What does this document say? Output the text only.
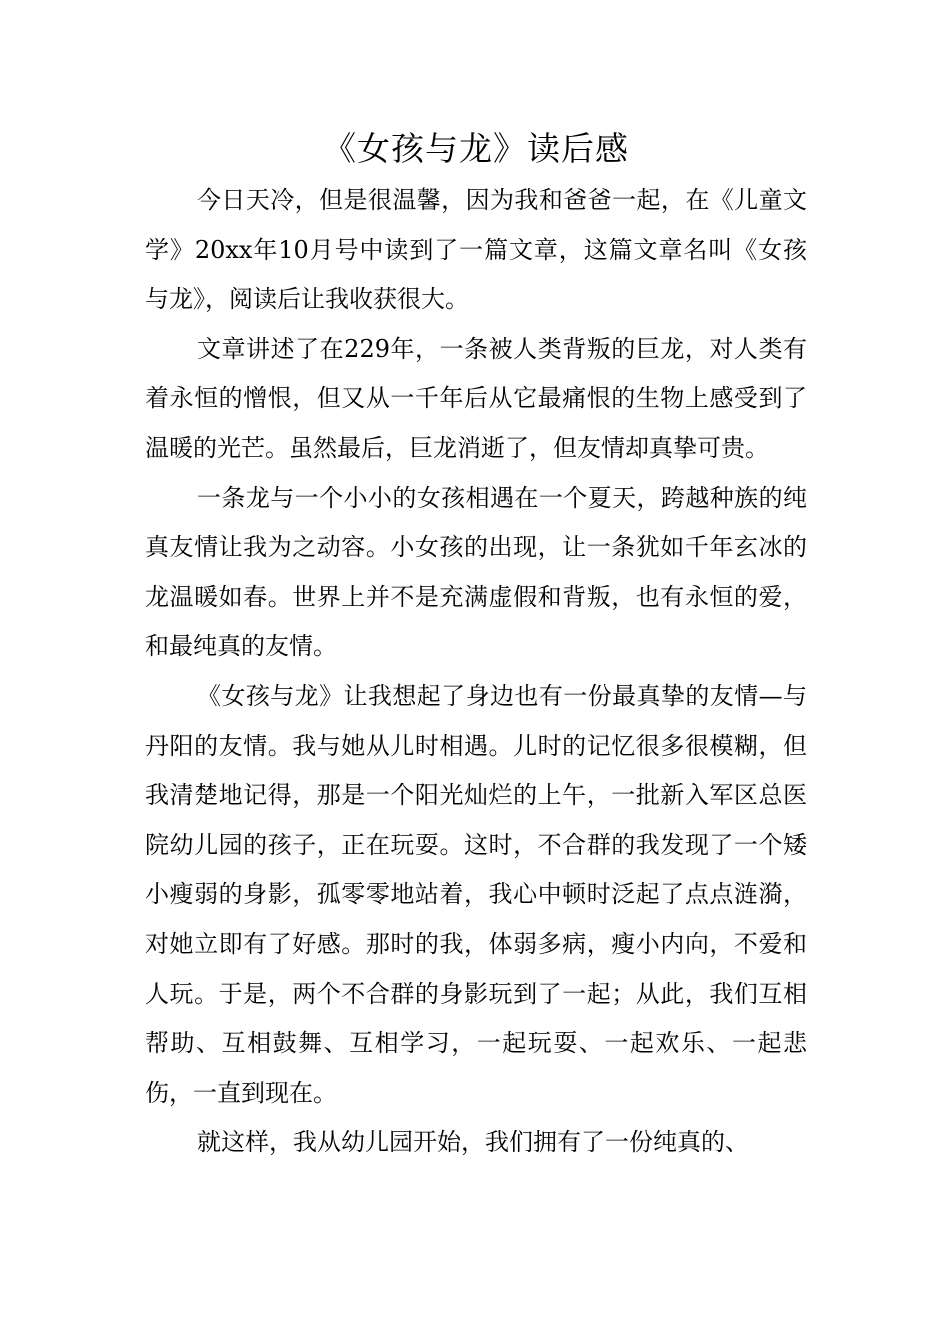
《女孩与龙》读后感

今日天冷，但是很温馨，因为我和爸爸一起，在《儿童文学》20xx年10月号中读到了一篇文章，这篇文章名叫《女孩与龙》，阅读后让我收获很大。

文章讲述了在229年，一条被人类背叛的巨龙，对人类有着永恒的憎恨，但又从一千年后从它最痛恨的生物上感受到了温暖的光芒。虽然最后，巨龙消逝了，但友情却真挚可贵。

一条龙与一个小小的女孩相遇在一个夏天，跨越种族的纯真友情让我为之动容。小女孩的出现，让一条犹如千年玄冰的龙温暖如春。世界上并不是充满虚假和背叛，也有永恒的爱，和最纯真的友情。

《女孩与龙》让我想起了身边也有一份最真挚的友情—与丹阳的友情。我与她从儿时相遇。儿时的记忆很多很模糊，但我清楚地记得，那是一个阳光灿烂的上午，一批新入军区总医院幼儿园的孩子，正在玩耍。这时，不合群的我发现了一个矮小瘦弱的身影，孤零零地站着，我心中顿时泛起了点点涟漪，对她立即有了好感。那时的我，体弱多病，瘦小内向，不爱和人玩。于是，两个不合群的身影玩到了一起；从此，我们互相帮助、互相鼓舞、互相学习，一起玩耍、一起欢乐、一起悲伤，一直到现在。

就这样，我从幼儿园开始，我们拥有了一份纯真的、
